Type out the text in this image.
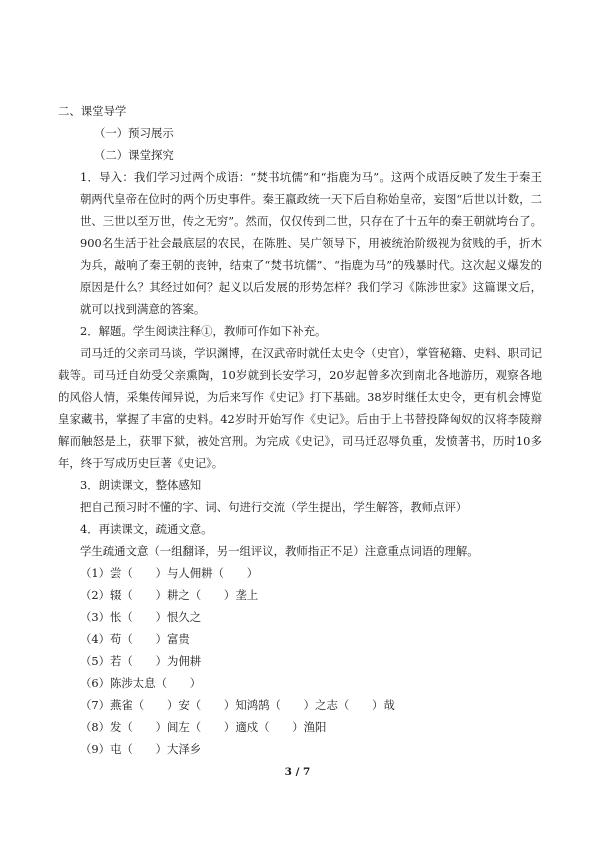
二、课堂导学

（一）预习展示

（二）课堂探究

1．导入：我们学习过两个成语：“焚书坑儒”和“指鹿为马”。这两个成语反映了发生于秦王朝两代皇帝在位时的两个历史事件。秦王嬴政统一天下后自称始皇帝，妄图“后世以计数，二世、三世以至万世，传之无穷”。然而，仅仅传到二世，只存在了十五年的秦王朝就垮台了。900名生活于社会最底层的农民，在陈胜、吴广领导下，用被统治阶级视为贫贱的手，折木为兵，敲响了秦王朝的丧钟，结束了“焚书坑儒”、“指鹿为马”的残暴时代。这次起义爆发的原因是什么？其经过如何？起义以后发展的形势怎样？我们学习《陈涉世家》这篇课文后，就可以找到满意的答案。

2．解题。学生阅读注释①，教师可作如下补充。

司马迁的父亲司马谈，学识渊博，在汉武帝时就任太史令（史官），掌管秘籍、史料、职司记载等。司马迁自幼受父亲熏陶，10岁就到长安学习，20岁起曾多次到南北各地游历，观察各地的风俗人情，采集传闻异说，为后来写作《史记》打下基础。38岁时继任太史令，更有机会博览皇家藏书，掌握了丰富的史料。42岁时开始写作《史记》。后由于上书替投降匈奴的汉将李陵辩解而触怒是上，获罪下狱，被处宫刑。为完成《史记》，司马迁忍辱负重，发愤著书，历时10多年，终于写成历史巨著《史记》。

3．朗读课文，整体感知

把自己预习时不懂的字、词、句进行交流（学生提出，学生解答，教师点评）

4．再读课文，疏通文意。

学生疏通文意（一组翻译，另一组评议，教师指正不足）注意重点词语的理解。

（1）尝（　　）与人佣耕（　　）

（2）辍（　　）耕之（　　）垄上

（3）怅（　　）恨久之

（4）苟（　　）富贵

（5）若（　　）为佣耕

（6）陈涉太息（　　）

（7）燕雀（　　）安（　　）知鸿鹄（　　）之志（　　）哉

（8）发（　　）闾左（　　）適戍（　　）渔阳

（9）屯（　　）大泽乡

3 / 7
